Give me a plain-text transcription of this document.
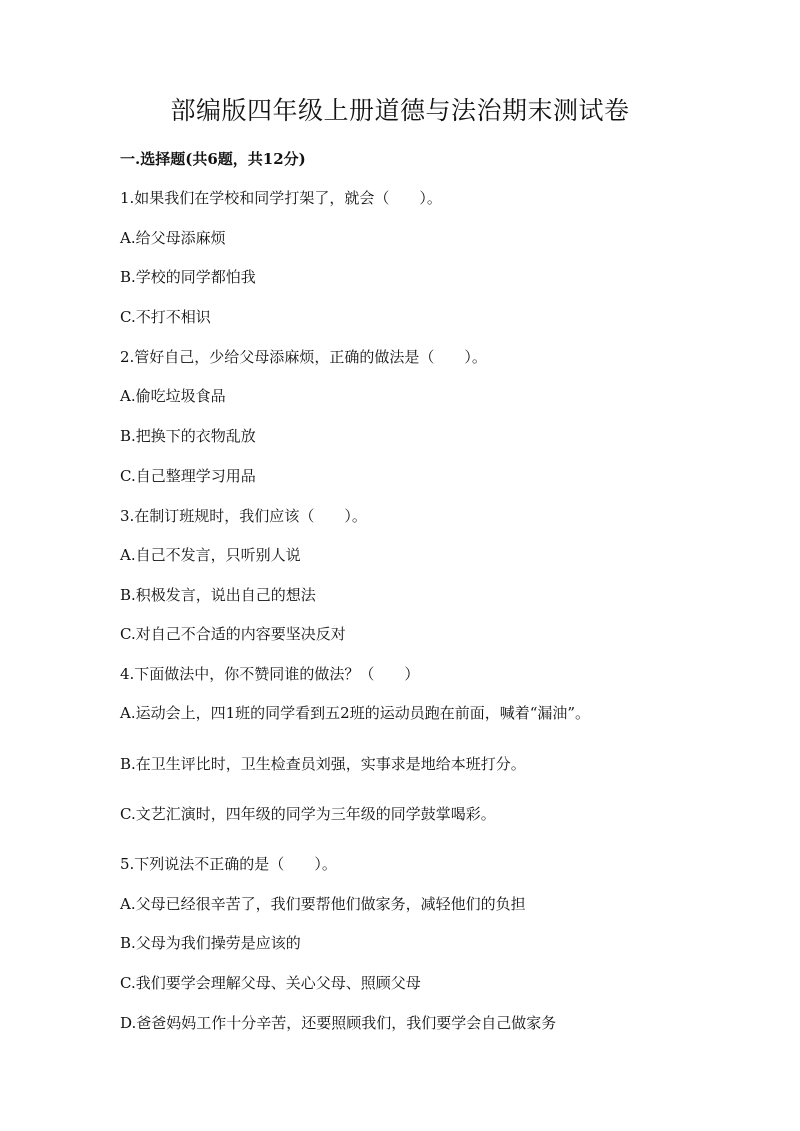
部编版四年级上册道德与法治期末测试卷
一.选择题(共6题，共12分)
1.如果我们在学校和同学打架了，就会（　　）。
A.给父母添麻烦
B.学校的同学都怕我
C.不打不相识
2.管好自己，少给父母添麻烦，正确的做法是（　　）。
A.偷吃垃圾食品
B.把换下的衣物乱放
C.自己整理学习用品
3.在制订班规时，我们应该（　　）。
A.自己不发言，只听别人说
B.积极发言，说出自己的想法
C.对自己不合适的内容要坚决反对
4.下面做法中，你不赞同谁的做法？（　　）
A.运动会上，四1班的同学看到五2班的运动员跑在前面，喊着“漏油”。
B.在卫生评比时，卫生检查员刘强，实事求是地给本班打分。
C.文艺汇演时，四年级的同学为三年级的同学鼓掌喝彩。
5.下列说法不正确的是（　　）。
A.父母已经很辛苦了，我们要帮他们做家务，减轻他们的负担
B.父母为我们操劳是应该的
C.我们要学会理解父母、关心父母、照顾父母
D.爸爸妈妈工作十分辛苦，还要照顾我们，我们要学会自己做家务
